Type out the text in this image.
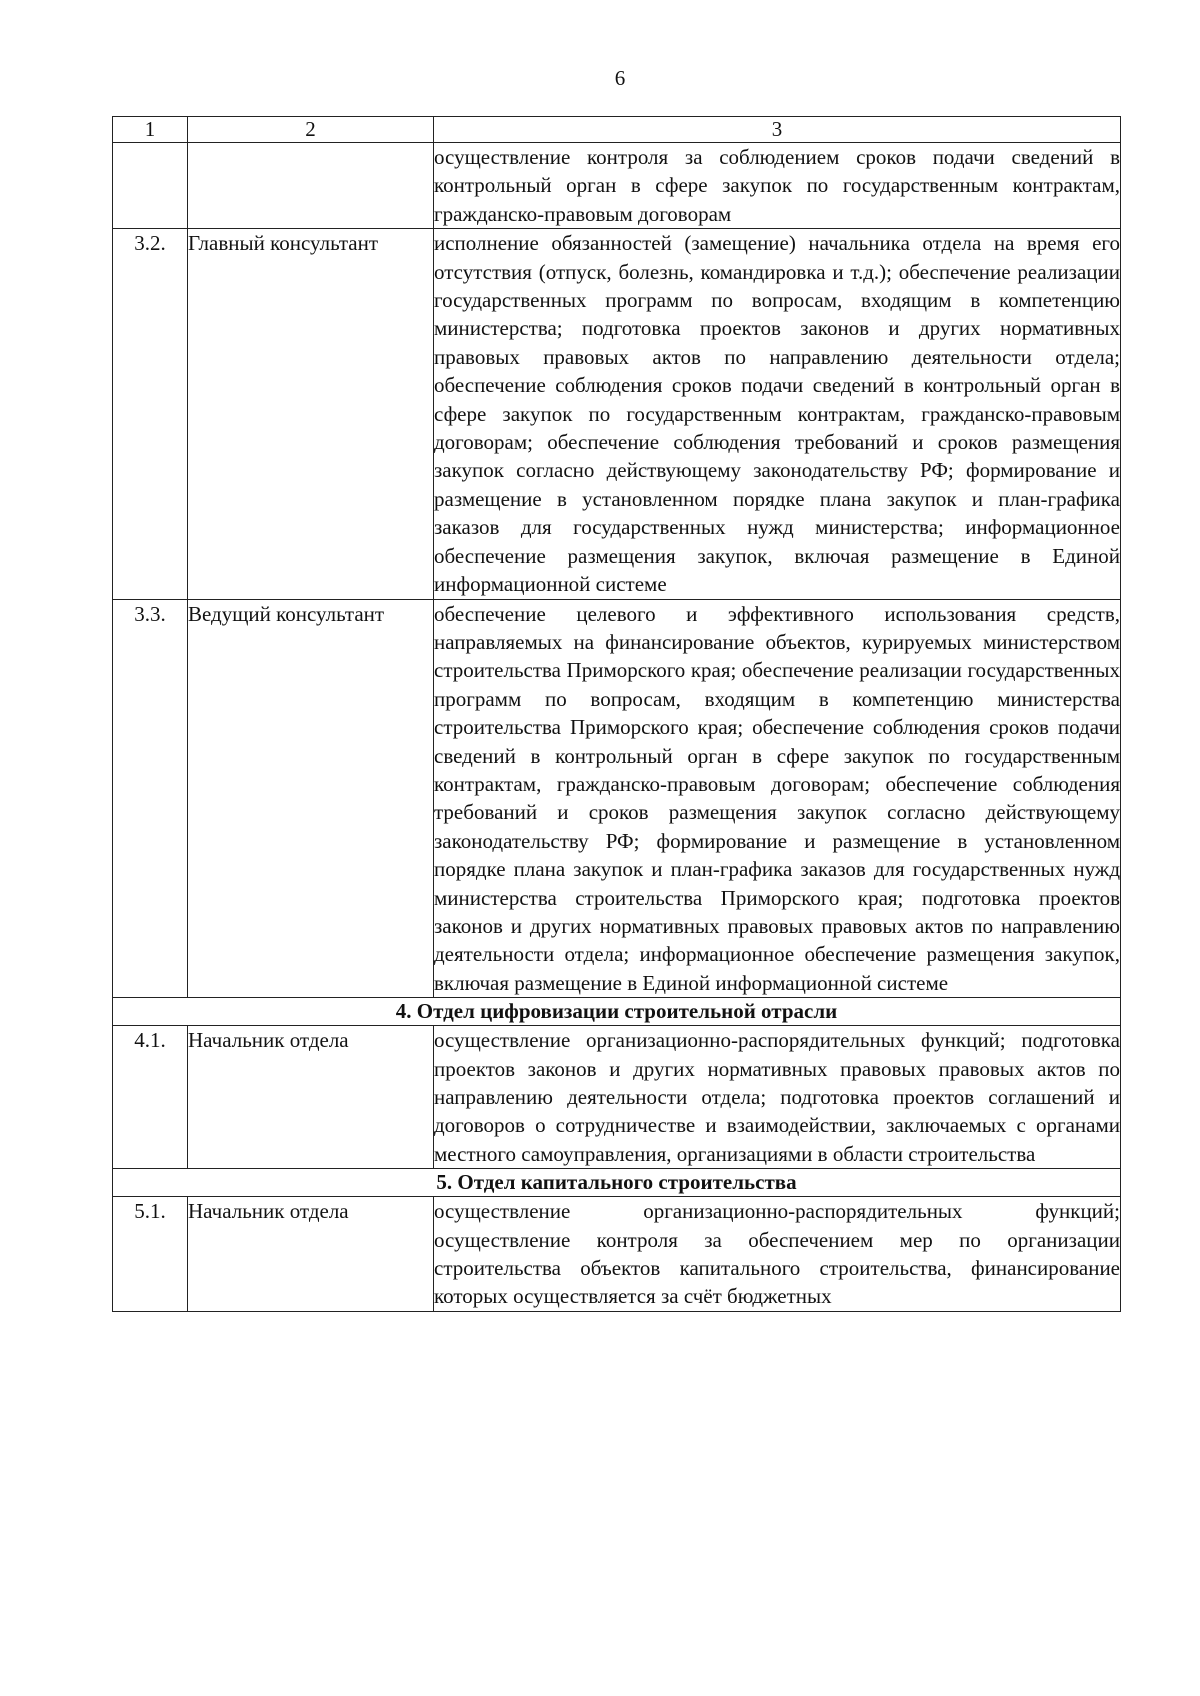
6
1	2	3
		осуществление контроля за соблюдением сроков подачи сведений в контрольный орган в сфере закупок по государственным контрактам, гражданско-правовым договорам
3.2.	Главный консультант	исполнение обязанностей (замещение) начальника отдела на время его отсутствия (отпуск, болезнь, командировка и т.д.); обеспечение реализации государственных программ по вопросам, входящим в компетенцию министерства; подготовка проектов законов и других нормативных правовых правовых актов по направлению деятельности отдела; обеспечение соблюдения сроков подачи сведений в контрольный орган в сфере закупок по государственным контрактам, гражданско-правовым договорам; обеспечение соблюдения требований и сроков размещения закупок согласно действующему законодательству РФ; формирование и размещение в установленном порядке плана закупок и план-графика заказов для государственных нужд министерства; информационное обеспечение размещения закупок, включая размещение в Единой информационной системе
3.3.	Ведущий консультант	обеспечение целевого и эффективного использования средств, направляемых на финансирование объектов, курируемых министерством строительства Приморского края; обеспечение реализации государственных программ по вопросам, входящим в компетенцию министерства строительства Приморского края; обеспечение соблюдения сроков подачи сведений в контрольный орган в сфере закупок по государственным контрактам, гражданско-правовым договорам; обеспечение соблюдения требований и сроков размещения закупок согласно действующему законодательству РФ; формирование и размещение в установленном порядке плана закупок и план-графика заказов для государственных нужд министерства строительства Приморского края; подготовка проектов законов и других нормативных правовых правовых актов по направлению деятельности отдела; информационное обеспечение размещения закупок, включая размещение в Единой информационной системе
4. Отдел цифровизации строительной отрасли		
4.1.	Начальник отдела	осуществление организационно-распорядительных функций; подготовка проектов законов и других нормативных правовых правовых актов по направлению деятельности отдела; подготовка проектов соглашений и договоров о сотрудничестве и взаимодействии, заключаемых с органами местного самоуправления, организациями в области строительства
5. Отдел капитального строительства		
5.1.	Начальник отдела	осуществление организационно-распорядительных функций; осуществление контроля за обеспечением мер по организации строительства объектов капитального строительства, финансирование которых осуществляется за счёт бюджетных
